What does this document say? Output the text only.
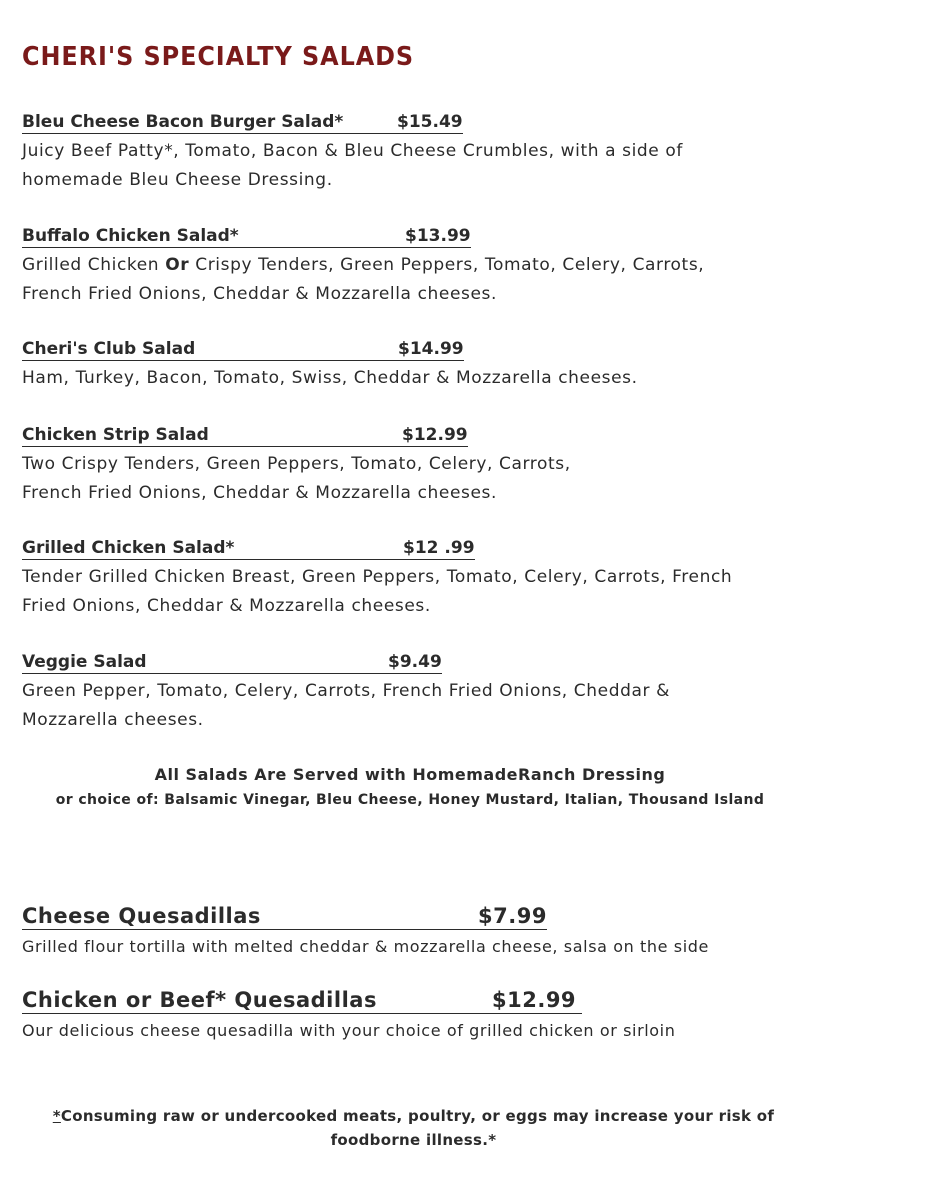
CHERI'S SPECIALTY SALADS
Bleu Cheese Bacon Burger Salad*	$15.49

Juicy Beef Patty*, Tomato, Bacon & Bleu Cheese Crumbles, with a side of
homemade Bleu Cheese Dressing.

Buffalo Chicken Salad*	$13.99

Grilled Chicken Or Crispy Tenders, Green Peppers, Tomato, Celery, Carrots,
French Fried Onions, Cheddar & Mozzarella cheeses.

Cheri's Club Salad	$14.99

Ham, Turkey, Bacon, Tomato, Swiss, Cheddar & Mozzarella cheeses.

Chicken Strip Salad	$12.99

Two Crispy Tenders, Green Peppers, Tomato, Celery, Carrots,
French Fried Onions, Cheddar & Mozzarella cheeses.

Grilled Chicken Salad*	$12 .99

Tender Grilled Chicken Breast, Green Peppers, Tomato, Celery, Carrots, French
Fried Onions, Cheddar & Mozzarella cheeses.

Veggie Salad	$9.49

Green Pepper, Tomato, Celery, Carrots, French Fried Onions, Cheddar &
Mozzarella cheeses.

All Salads Are Served with HomemadeRanch Dressing
or choice of: Balsamic Vinegar, Bleu Cheese, Honey Mustard, Italian, Thousand Island
Cheese Quesadillas	$7.99

Grilled flour tortilla with melted cheddar & mozzarella cheese, salsa on the side

Chicken or Beef* Quesadillas	$12.99

Our delicious cheese quesadilla with your choice of grilled chicken or sirloin

*Consuming raw or undercooked meats, poultry, or eggs may increase your risk of
foodborne illness.*
